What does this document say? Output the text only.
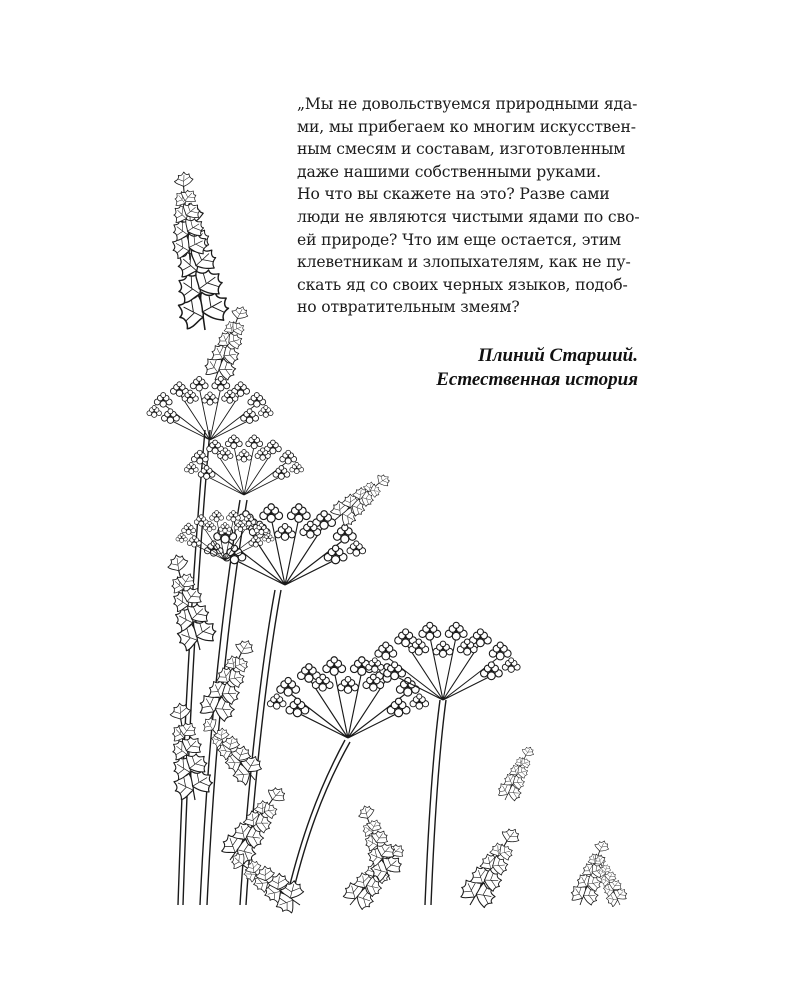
„Мы не довольствуемся природными яда-
ми, мы прибегаем ко многим искусствен-
ным смесям и составам, изготовленным
даже нашими собственными руками.
Но что вы скажете на это? Разве сами
люди не являются чистыми ядами по сво-
ей природе? Что им еще остается, этим
клеветникам и злопыхателям, как не пу-
скать яд со своих черных языков, подоб-
но отвратительным змеям?
Плиний Старший.
Естественная история
